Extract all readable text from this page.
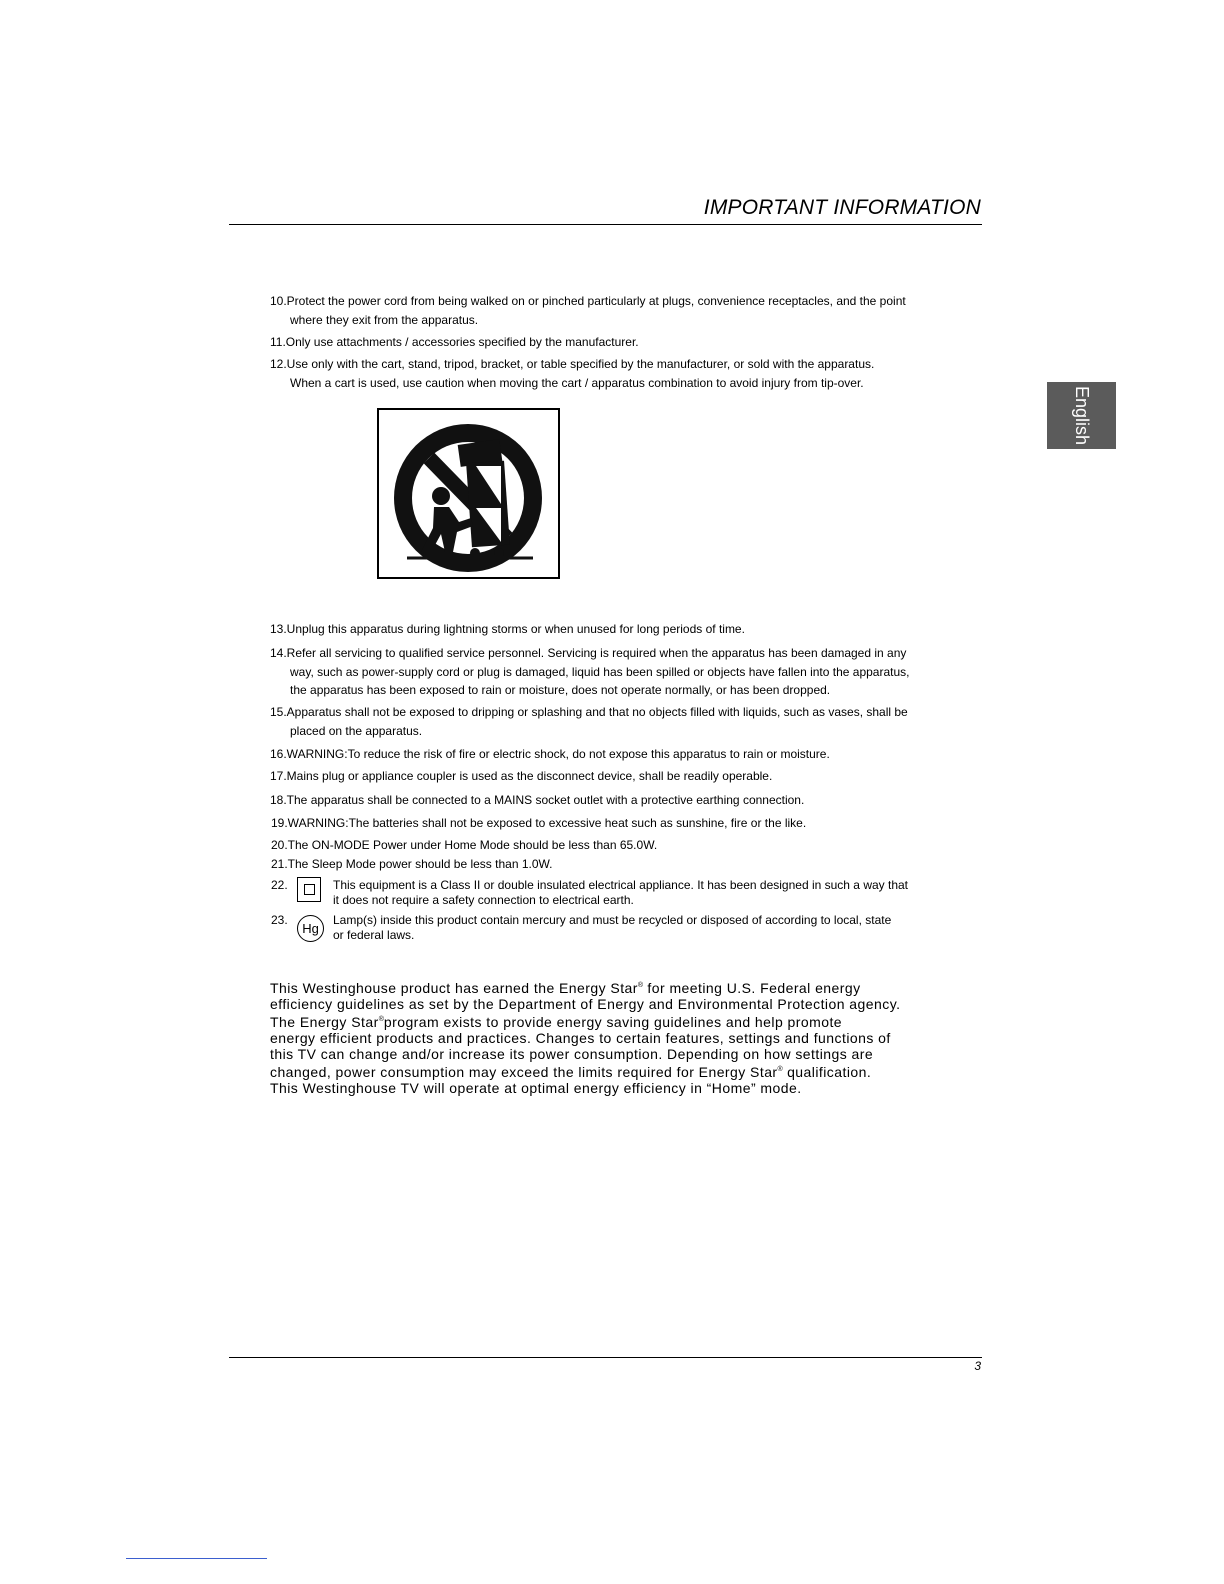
IMPORTANT INFORMATION
English
10.Protect the power cord from being walked on or pinched particularly at plugs, convenience receptacles, and the point
where they exit from the apparatus.
11.Only use attachments / accessories specified by the manufacturer.
12.Use only with the cart, stand, tripod, bracket, or table specified by the manufacturer, or sold with the apparatus.
When a cart is used, use caution when moving the cart / apparatus combination to avoid injury from tip-over.
13.Unplug this apparatus during lightning storms or when unused for long periods of time.
14.Refer all servicing to qualified service personnel. Servicing is required when the apparatus has been damaged in any
way, such as power-supply cord or plug is damaged, liquid has been spilled or objects have fallen into the apparatus,
the apparatus has been exposed to rain or moisture, does not operate normally, or has been dropped.
15.Apparatus shall not be exposed to dripping or splashing and that no objects filled with liquids, such as vases, shall be
placed on the apparatus.
16.WARNING:To reduce the risk of fire or electric shock, do not expose this apparatus to rain or moisture.
17.Mains plug or appliance coupler is used as the disconnect device, shall be readily operable.
18.The apparatus shall be connected to a MAINS socket outlet with a protective earthing connection.
19.WARNING:The batteries shall not be exposed to excessive heat such as sunshine, fire or the like.
20.The ON-MODE Power under Home Mode should be less than 65.0W.
21.The Sleep Mode power should be less than 1.0W.
22.	This equipment is a Class II or double insulated electrical appliance. It has been designed in such a way that
it does not require a safety connection to electrical earth.
23.
Hg
Lamp(s) inside this product contain mercury and must be recycled or disposed of according to local, state
or federal laws.
This Westinghouse product has earned the Energy Star® for meeting U.S. Federal energy
efficiency guidelines as set by the Department of Energy and Environmental Protection agency.
The Energy Star®program exists to provide energy saving guidelines and help promote
energy efficient products and practices. Changes to certain features, settings and functions of
this TV can change and/or increase its power consumption. Depending on how settings are
changed, power consumption may exceed the limits required for Energy Star® qualification.
This Westinghouse TV will operate at optimal energy efficiency in “Home” mode.
3
